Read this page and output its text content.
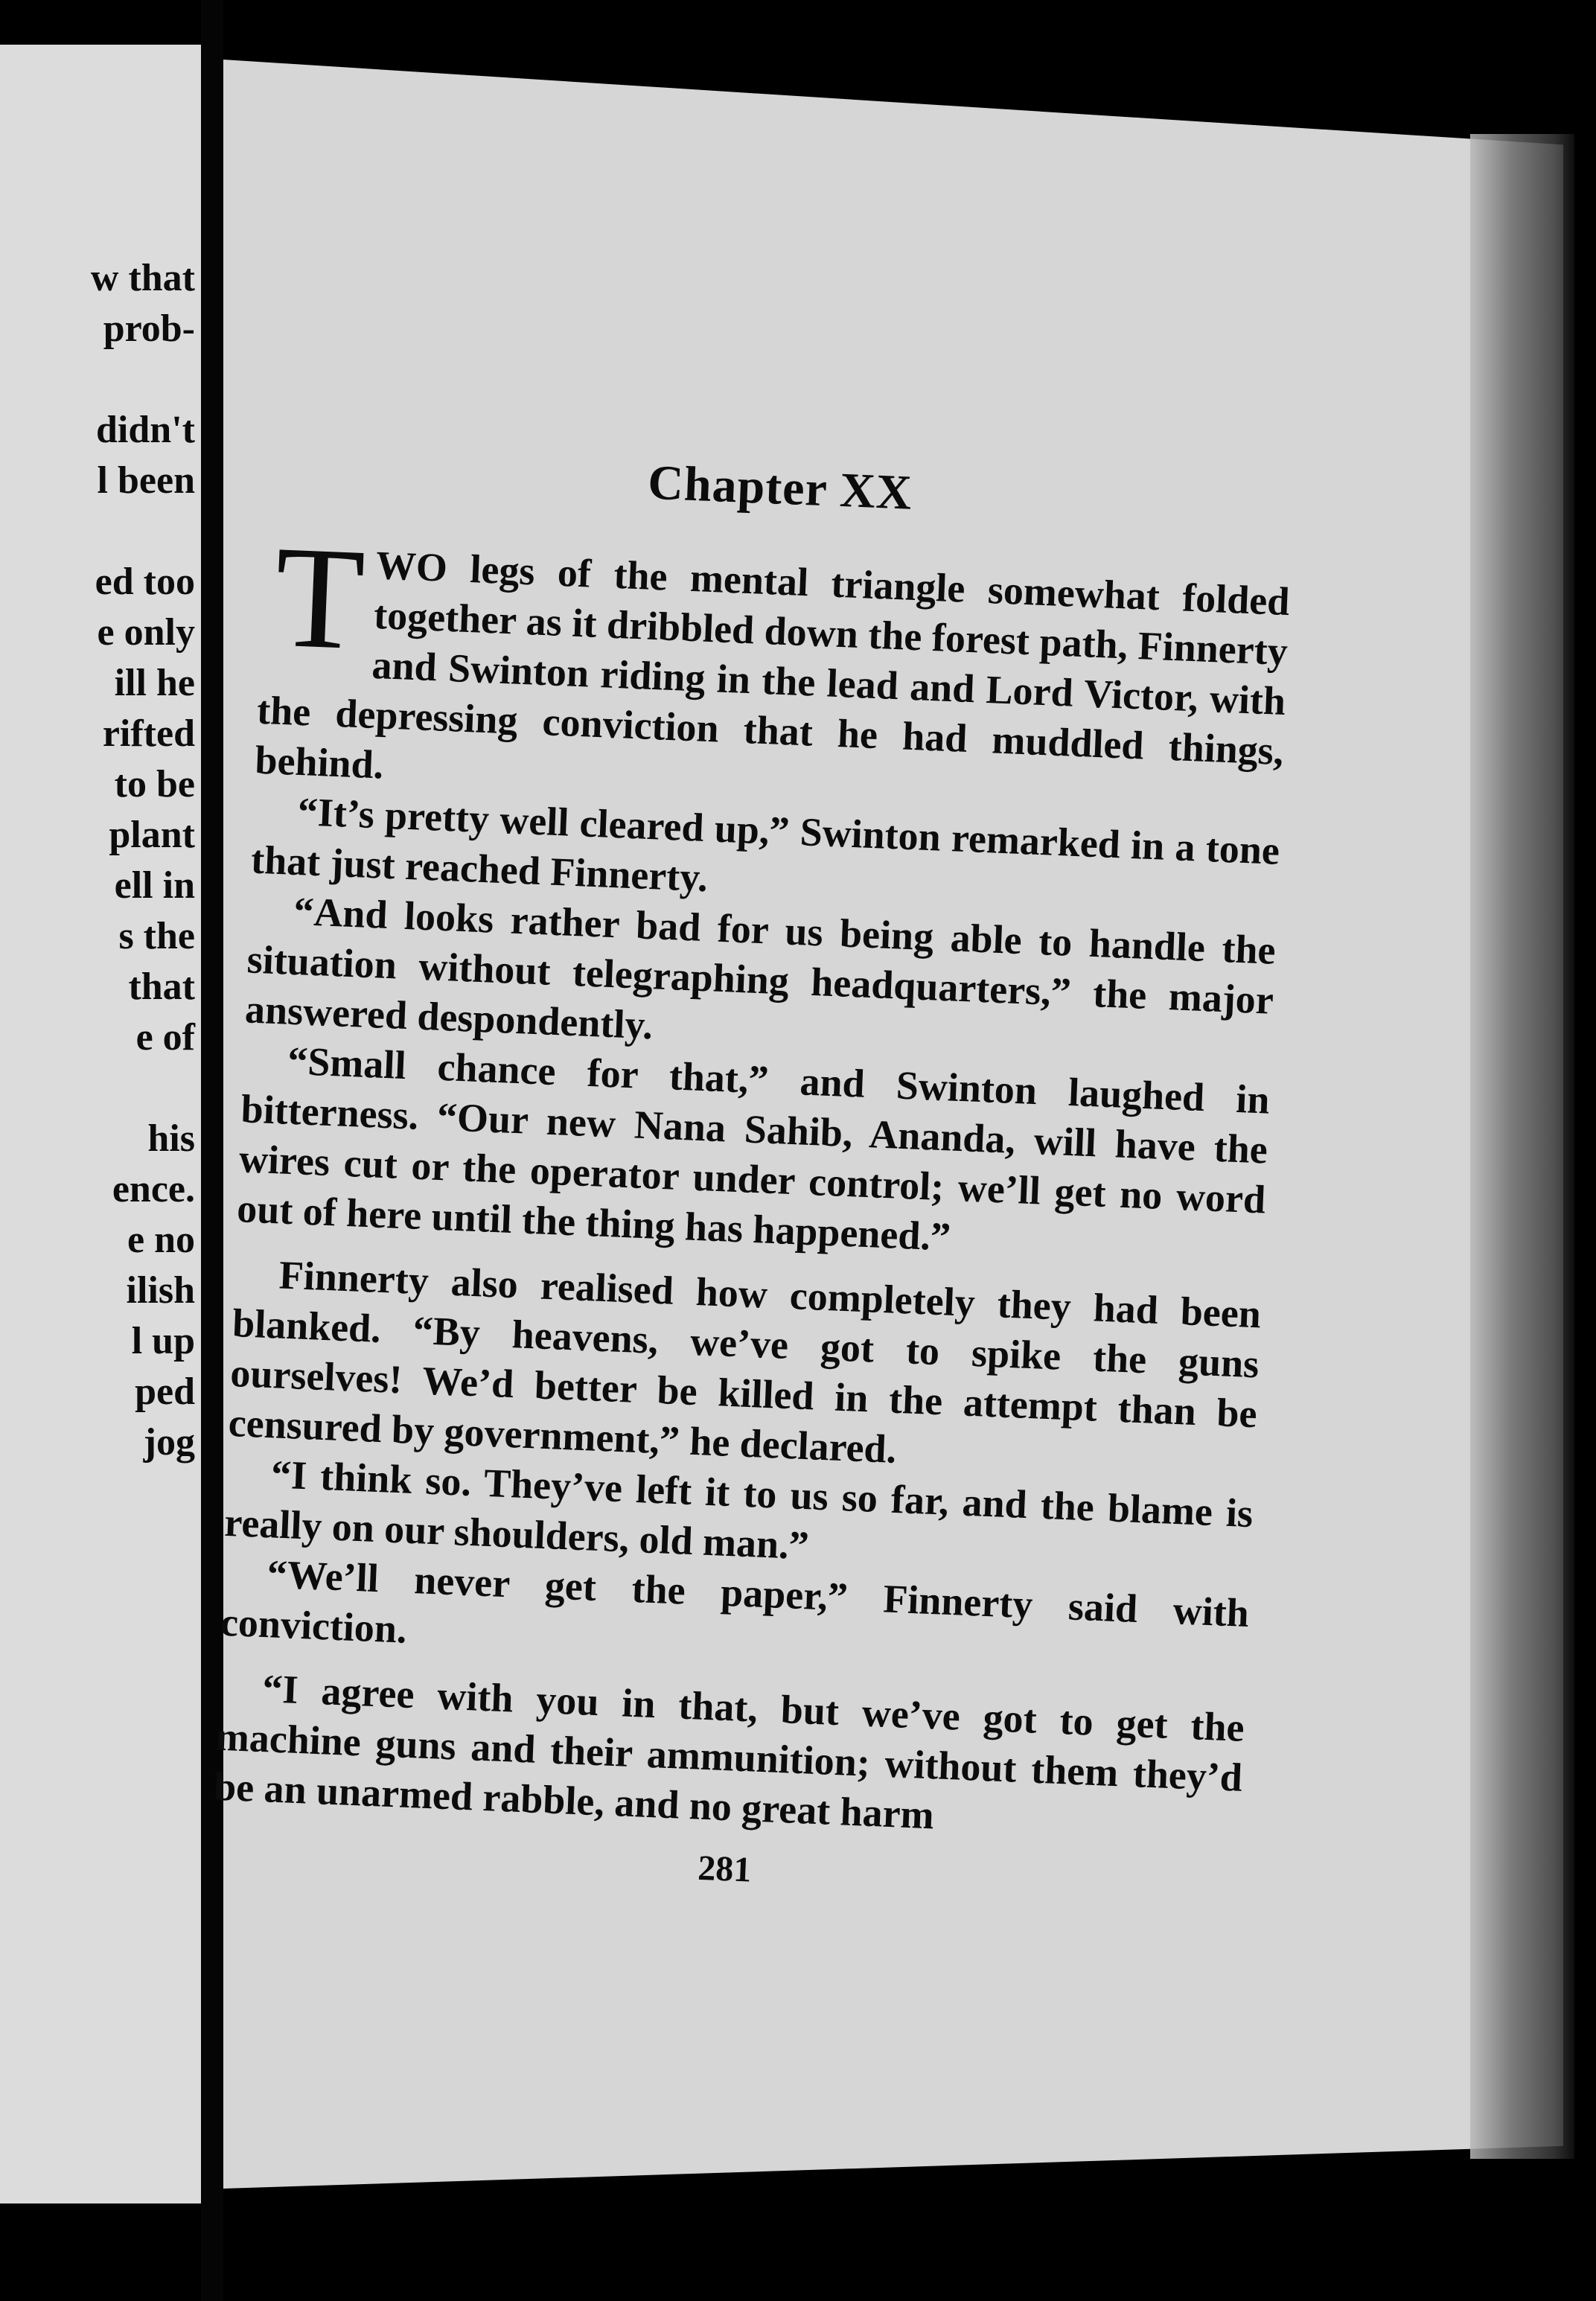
w that
prob-
didn't
l been
ed too
e only
ill he
rifted
to be
plant
ell in
s the
that
e of
his
ence.
e no
ilish
l up
ped
jog
Chapter XX

TWO legs of the mental triangle somewhat folded together as it dribbled down the forest path, Finnerty and Swinton riding in the lead and Lord Victor, with the depressing conviction that he had muddled things, behind.

“It’s pretty well cleared up,” Swinton remarked in a tone that just reached Finnerty.

“And looks rather bad for us being able to handle the situation without telegraphing headquarters,” the major answered despondently.

“Small chance for that,” and Swinton laughed in bitterness. “Our new Nana Sahib, Ananda, will have the wires cut or the operator under control; we’ll get no word out of here until the thing has happened.”

Finnerty also realised how completely they had been blanked. “By heavens, we’ve got to spike the guns ourselves! We’d better be killed in the attempt than be censured by government,” he declared.

“I think so. They’ve left it to us so far, and the blame is really on our shoulders, old man.”

“We’ll never get the paper,” Finnerty said with conviction.

“I agree with you in that, but we’ve got to get the machine guns and their ammunition; without them they’d be an unarmed rabble, and no great harm

281
